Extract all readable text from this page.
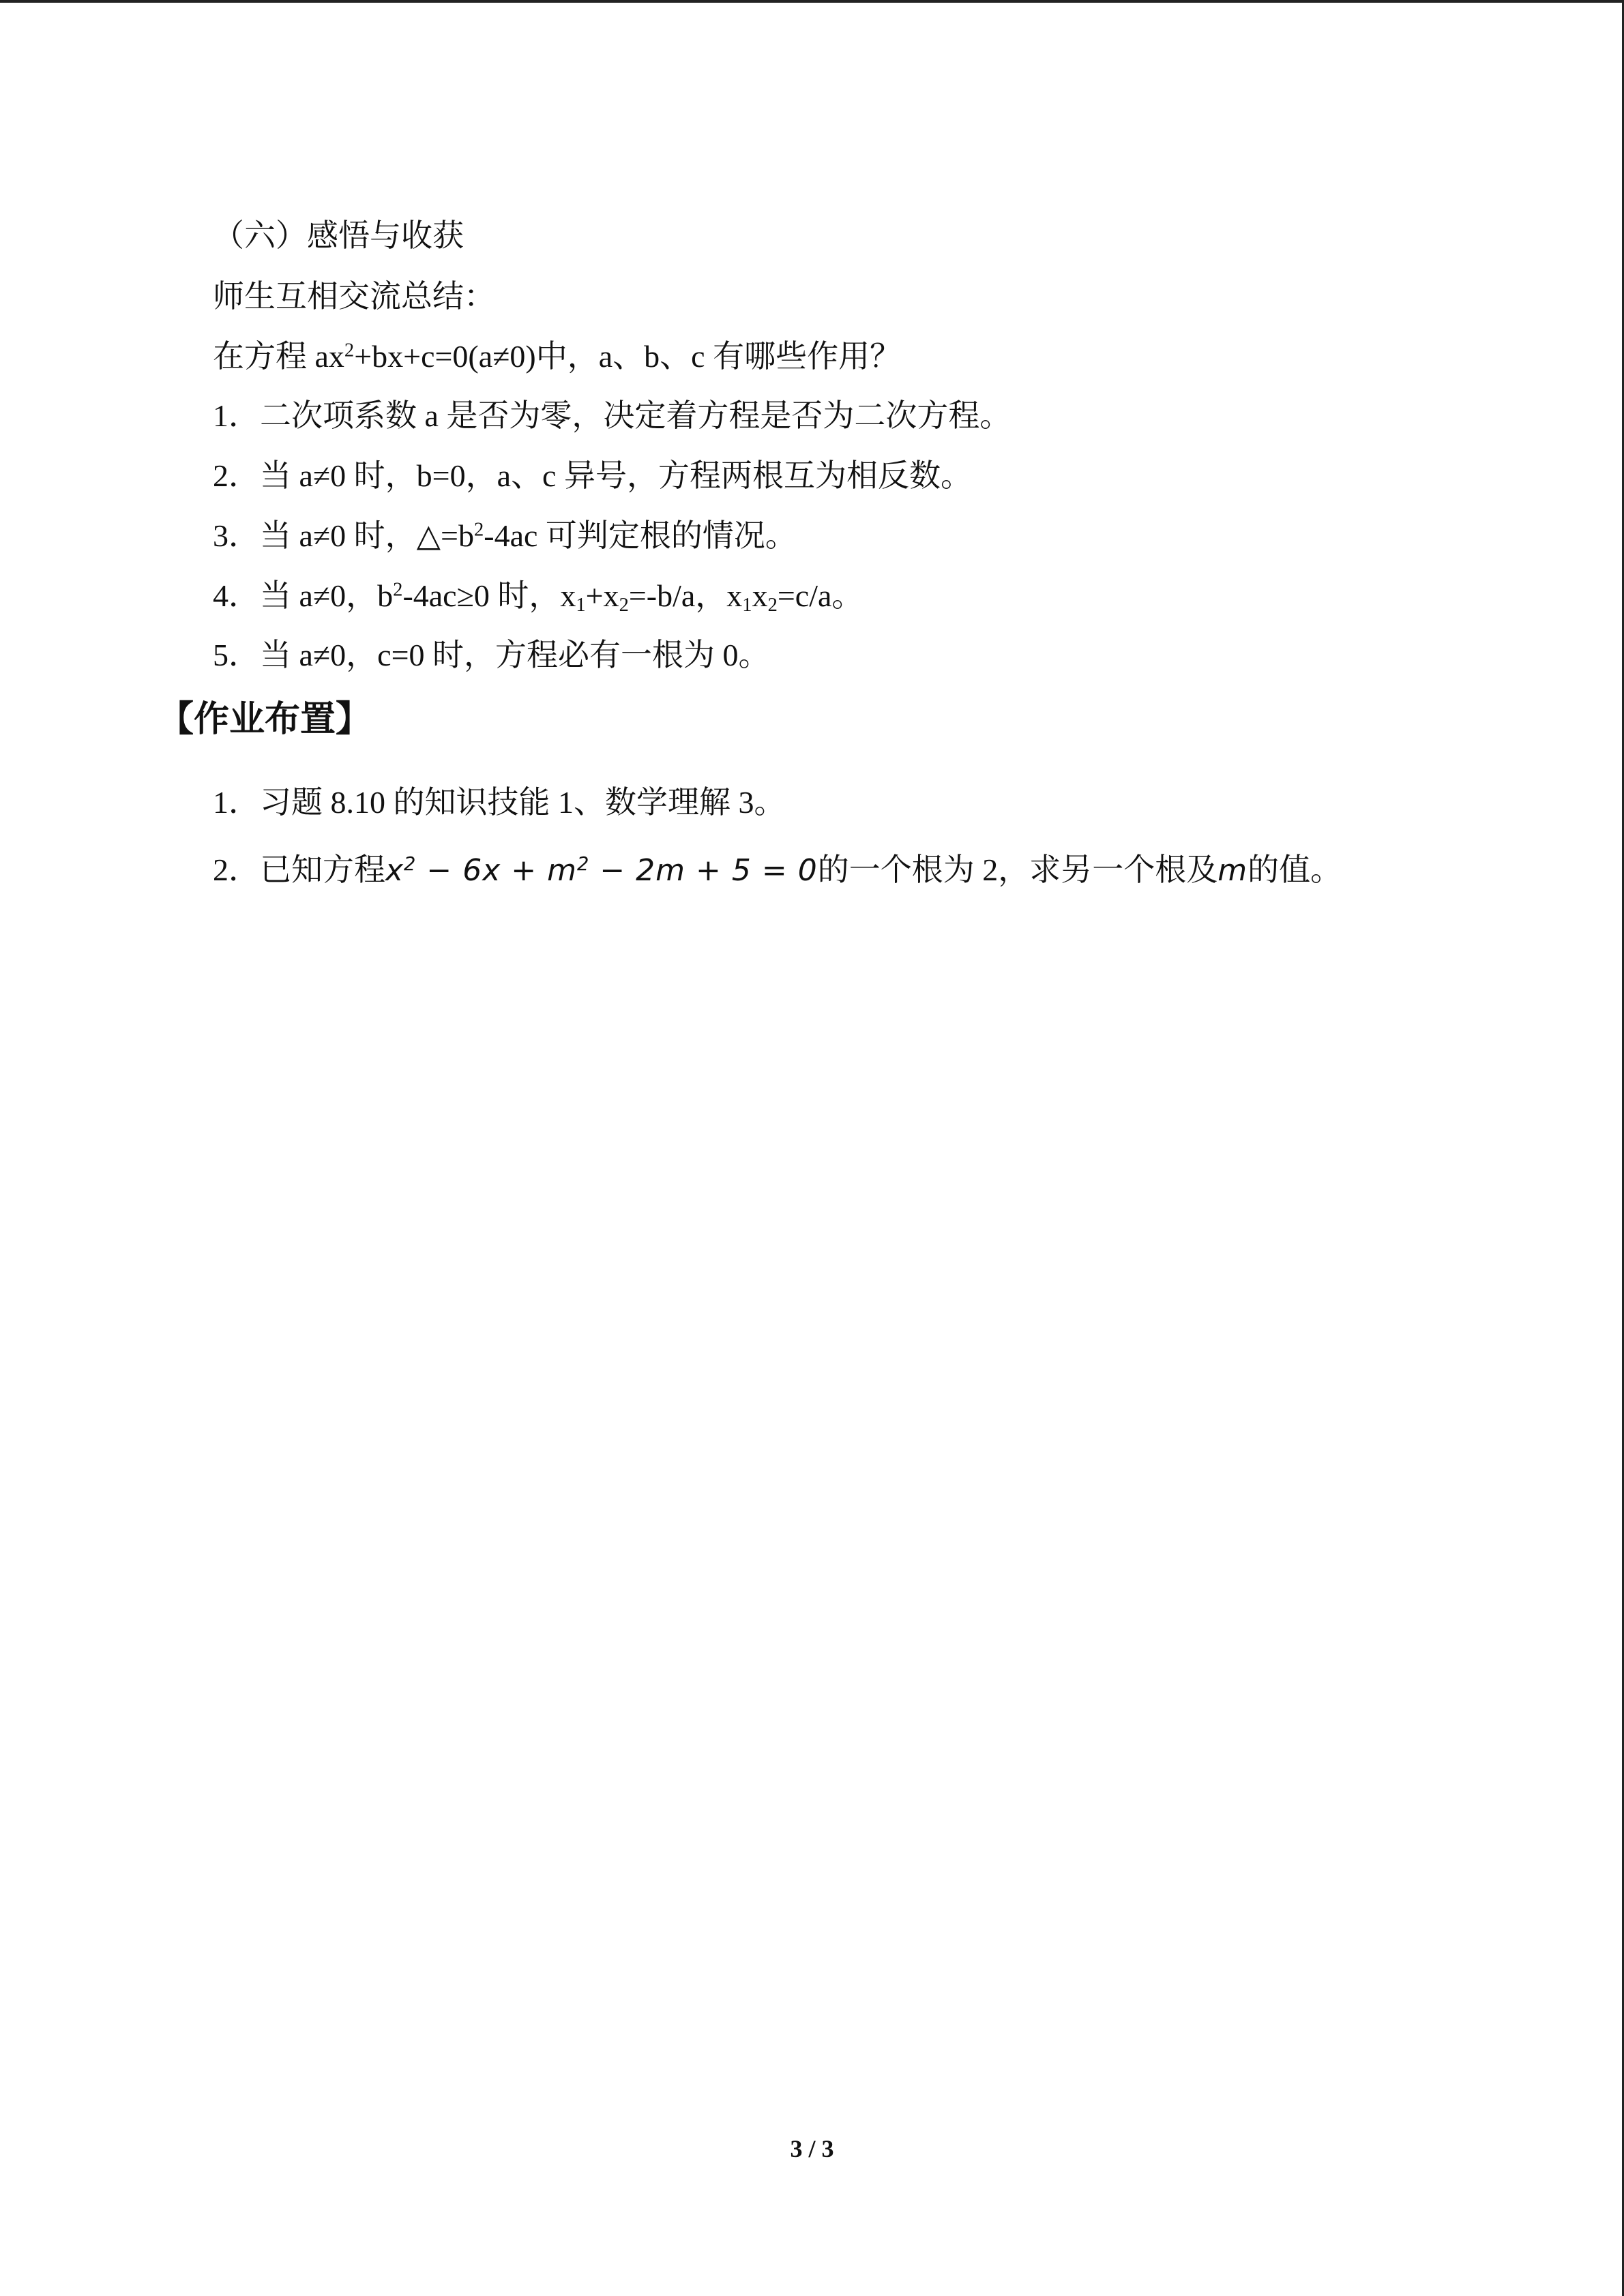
（六）感悟与收获
师生互相交流总结：
在方程 $ax^2+bx+c=0(a\ne 0)$中，a、b、c 有哪些作用？
1．二次项系数 a 是否为零，决定着方程是否为二次方程。
2．当 a≠0 时，b=0，a、c 异号，方程两根互为相反数。
3．当 a≠0 时，$\triangle=b^2-4ac$ 可判定根的情况。
4．当 a≠0，$b^2-4ac\ge 0$ 时，$x_1+x_2=-b/a$，$x_1x_2=c/a$。
5．当 a≠0，c=0 时，方程必有一根为 0。
【作业布置】
1．习题 8.10 的知识技能 1、数学理解 3。
2．已知方程$x^2 - 6x + m^2 - 2m + 5 = 0$的一个根为 2，求另一个根及m的值。
3 / 3
